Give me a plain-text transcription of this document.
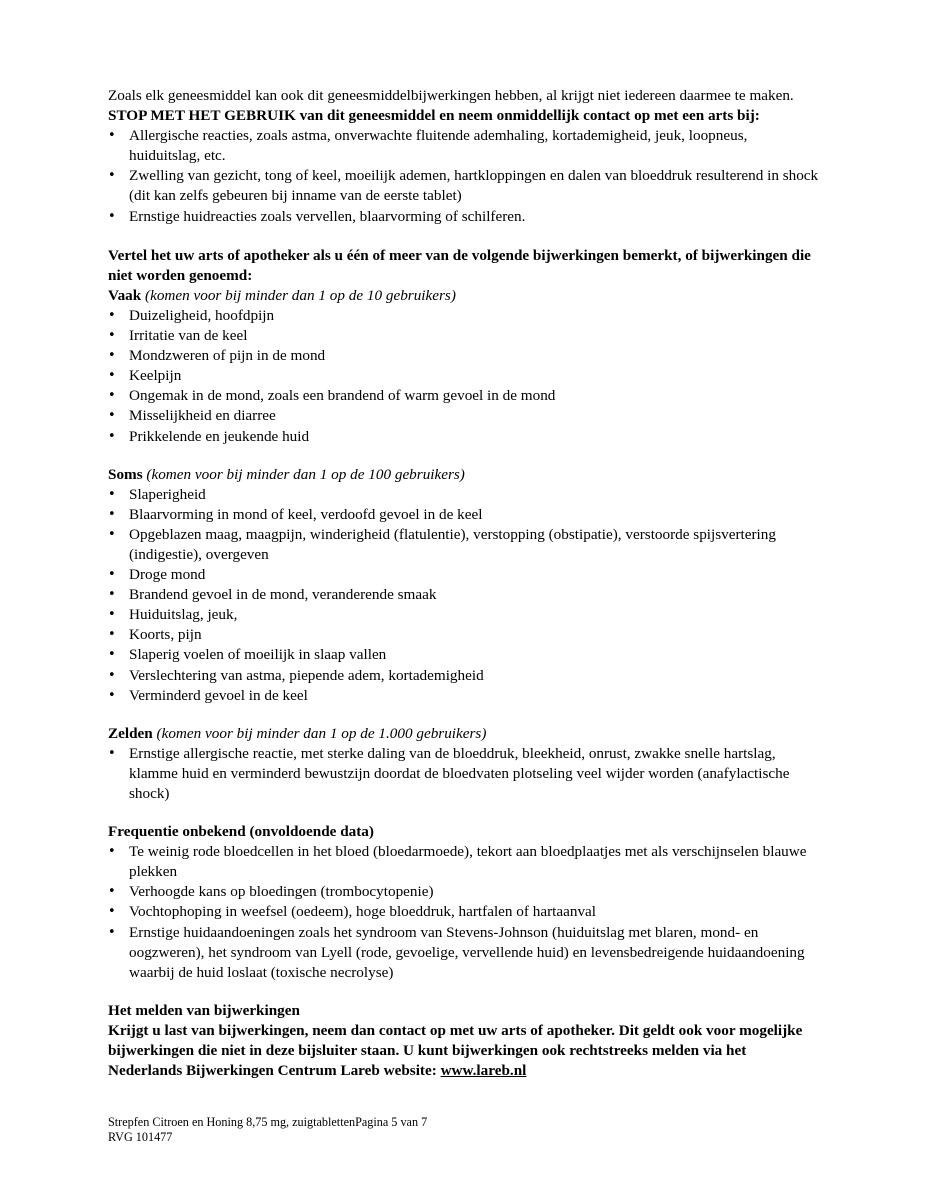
Zoals elk geneesmiddel kan ook dit geneesmiddelbijwerkingen hebben, al krijgt niet iedereen daarmee te maken.

STOP MET HET GEBRUIK van dit geneesmiddel en neem onmiddellijk contact op met een arts bij:

• Allergische reacties, zoals astma, onverwachte fluitende ademhaling, kortademigheid, jeuk, loopneus, huiduitslag, etc.
• Zwelling van gezicht, tong of keel, moeilijk ademen, hartkloppingen en dalen van bloeddruk resulterend in shock (dit kan zelfs gebeuren bij inname van de eerste tablet)
• Ernstige huidreacties zoals vervellen, blaarvorming of schilferen.

Vertel het uw arts of apotheker als u één of meer van de volgende bijwerkingen bemerkt, of bijwerkingen die niet worden genoemd:

Vaak (komen voor bij minder dan 1 op de 10 gebruikers)

• Duizeligheid, hoofdpijn
• Irritatie van de keel
• Mondzweren of pijn in de mond
• Keelpijn
• Ongemak in de mond, zoals een brandend of warm gevoel in de mond
• Misselijkheid en diarree
• Prikkelende en jeukende huid

Soms (komen voor bij minder dan 1 op de 100 gebruikers)

• Slaperigheid
• Blaarvorming in mond of keel, verdoofd gevoel in de keel
• Opgeblazen maag, maagpijn, winderigheid (flatulentie), verstopping (obstipatie), verstoorde spijsvertering (indigestie), overgeven
• Droge mond
• Brandend gevoel in de mond, veranderende smaak
• Huiduitslag, jeuk,
• Koorts, pijn
• Slaperig voelen of moeilijk in slaap vallen
• Verslechtering van astma, piepende adem, kortademigheid
• Verminderd gevoel in de keel

Zelden (komen voor bij minder dan 1 op de 1.000 gebruikers)

• Ernstige allergische reactie, met sterke daling van de bloeddruk, bleekheid, onrust, zwakke snelle hartslag, klamme huid en verminderd bewustzijn doordat de bloedvaten plotseling veel wijder worden (anafylactische shock)

Frequentie onbekend (onvoldoende data)

• Te weinig rode bloedcellen in het bloed (bloedarmoede), tekort aan bloedplaatjes met als verschijnselen blauwe plekken
• Verhoogde kans op bloedingen (trombocytopenie)
• Vochtophoping in weefsel (oedeem), hoge bloeddruk, hartfalen of hartaanval
• Ernstige huidaandoeningen zoals het syndroom van Stevens-Johnson (huiduitslag met blaren, mond- en oogzweren), het syndroom van Lyell (rode, gevoelige, vervellende huid) en levensbedreigende huidaandoening waarbij de huid loslaat (toxische necrolyse)

Het melden van bijwerkingen

Krijgt u last van bijwerkingen, neem dan contact op met uw arts of apotheker. Dit geldt ook voor mogelijke bijwerkingen die niet in deze bijsluiter staan. U kunt bijwerkingen ook rechtstreeks melden via het Nederlands Bijwerkingen Centrum Lareb website: www.lareb.nl

Strepfen Citroen en Honing 8,75 mg, zuigtablettenPagina 5 van 7
RVG 101477
